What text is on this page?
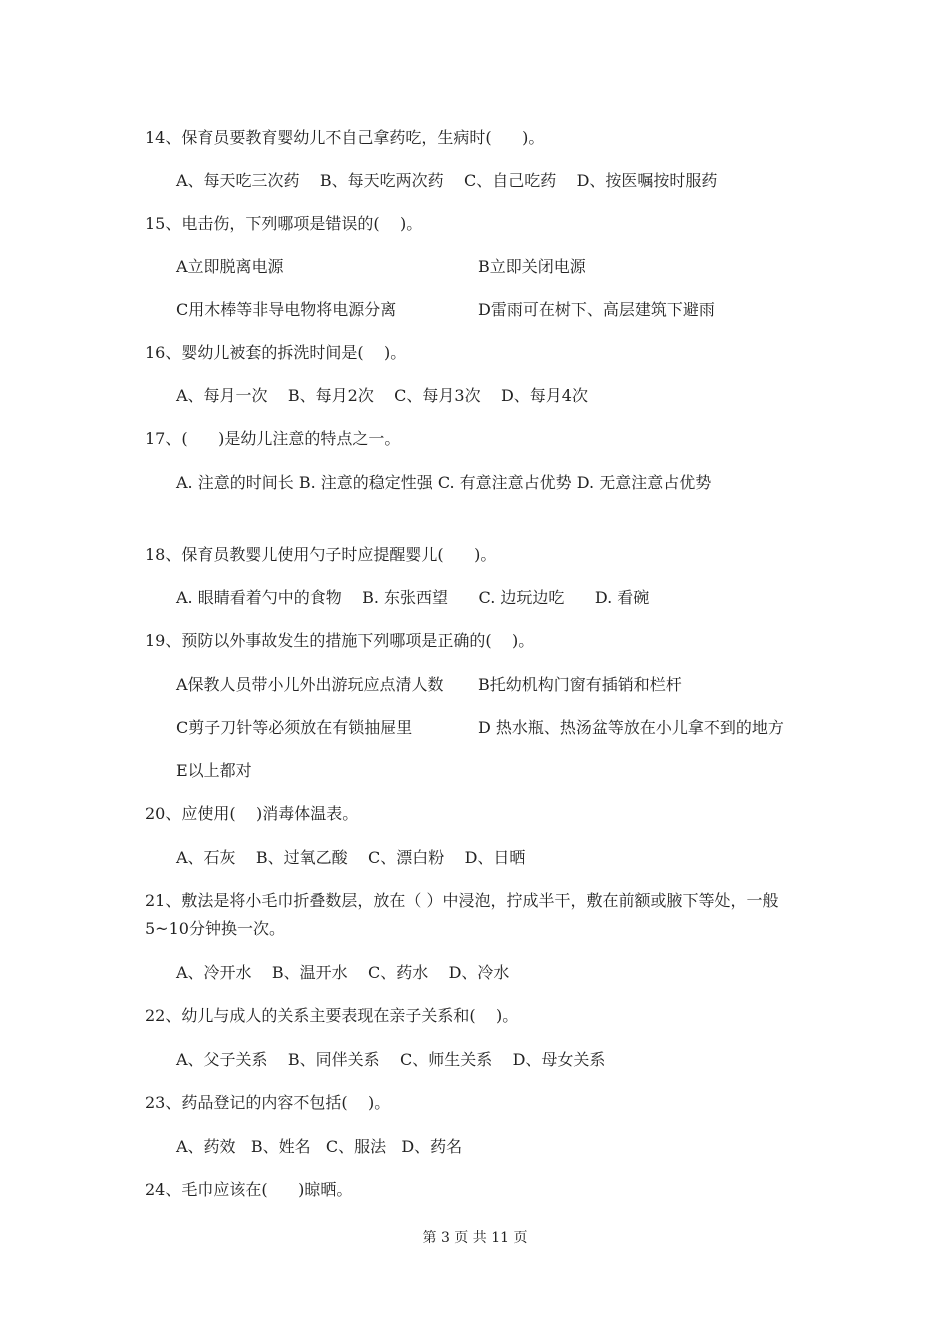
14、保育员要教育婴幼儿不自己拿药吃，生病时(      )。
A、每天吃三次药    B、每天吃两次药    C、自己吃药    D、按医嘱按时服药
15、电击伤，下列哪项是错误的(    )。
A立即脱离电源	B立即关闭电源
C用木棒等非导电物将电源分离	D雷雨可在树下、高层建筑下避雨
16、婴幼儿被套的拆洗时间是(    )。
A、每月一次    B、每月2次    C、每月3次    D、每月4次
17、(      )是幼儿注意的特点之一。
A. 注意的时间长 B. 注意的稳定性强 C. 有意注意占优势 D. 无意注意占优势
18、保育员教婴儿使用勺子时应提醒婴儿(      )。
A. 眼睛看着勺中的食物    B. 东张西望      C. 边玩边吃      D. 看碗
19、预防以外事故发生的措施下列哪项是正确的(    )。
A保教人员带小儿外出游玩应点清人数 B托幼机构门窗有插销和栏杆
C剪子刀针等必须放在有锁抽屉里	D 热水瓶、热汤盆等放在小儿拿不到的地方
E以上都对
20、应使用(    )消毒体温表。
A、石灰    B、过氧乙酸    C、漂白粉    D、日晒
21、敷法是将小毛巾折叠数层，放在（ ）中浸泡，拧成半干，敷在前额或腋下等处，一般5~10分钟换一次。
A、冷开水    B、温开水    C、药水    D、冷水
22、幼儿与成人的关系主要表现在亲子关系和(    )。
A、父子关系    B、同伴关系    C、师生关系    D、母女关系
23、药品登记的内容不包括(    )。
A、药效   B、姓名   C、服法   D、药名
24、毛巾应该在(      )晾晒。
第 3 页 共 11 页
